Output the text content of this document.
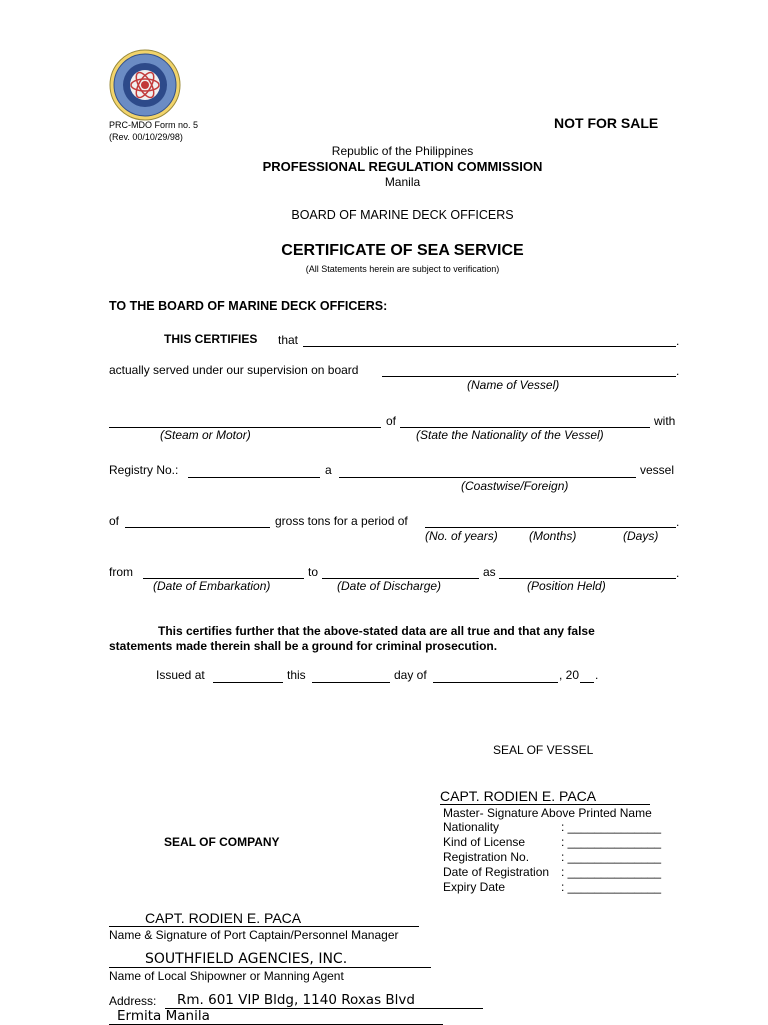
PRC-MDO Form no. 5
(Rev. 00/10/29/98)
NOT FOR SALE
Republic of the Philippines
PROFESSIONAL REGULATION COMMISSION
Manila
BOARD OF MARINE DECK OFFICERS
CERTIFICATE OF SEA SERVICE
(All Statements herein are subject to verification)
TO THE BOARD OF MARINE DECK OFFICERS:
THIS CERTIFIES that	.
actually served under our supervision on board	.
(Name of Vessel)
of	with
(Steam or Motor)	(State the Nationality of the Vessel)
Registry No.:	a	vessel
(Coastwise/Foreign)
of	gross tons for a period of	.
(No. of years)	(Months)	(Days)
from	to	as	.
(Date of Embarkation)	(Date of Discharge)	(Position Held)
This certifies further that the above-stated data are all true and that any false
statements made therein shall be a ground for criminal prosecution.
Issued at	this	day of	, 20 .
SEAL OF VESSEL
CAPT. RODIEN E. PACA
Master- Signature Above Printed Name
Nationality	: ______________
Kind of License	: ______________
Registration No.	: ______________
Date of Registration : ______________
Expiry Date	: ______________
SEAL OF COMPANY
CAPT. RODIEN E. PACA
Name & Signature of Port Captain/Personnel Manager
SOUTHFIELD AGENCIES, INC.
Name of Local Shipowner or Manning Agent
Address:	Rm. 601 VIP Bldg, 1140 Roxas Blvd
Ermita Manila
